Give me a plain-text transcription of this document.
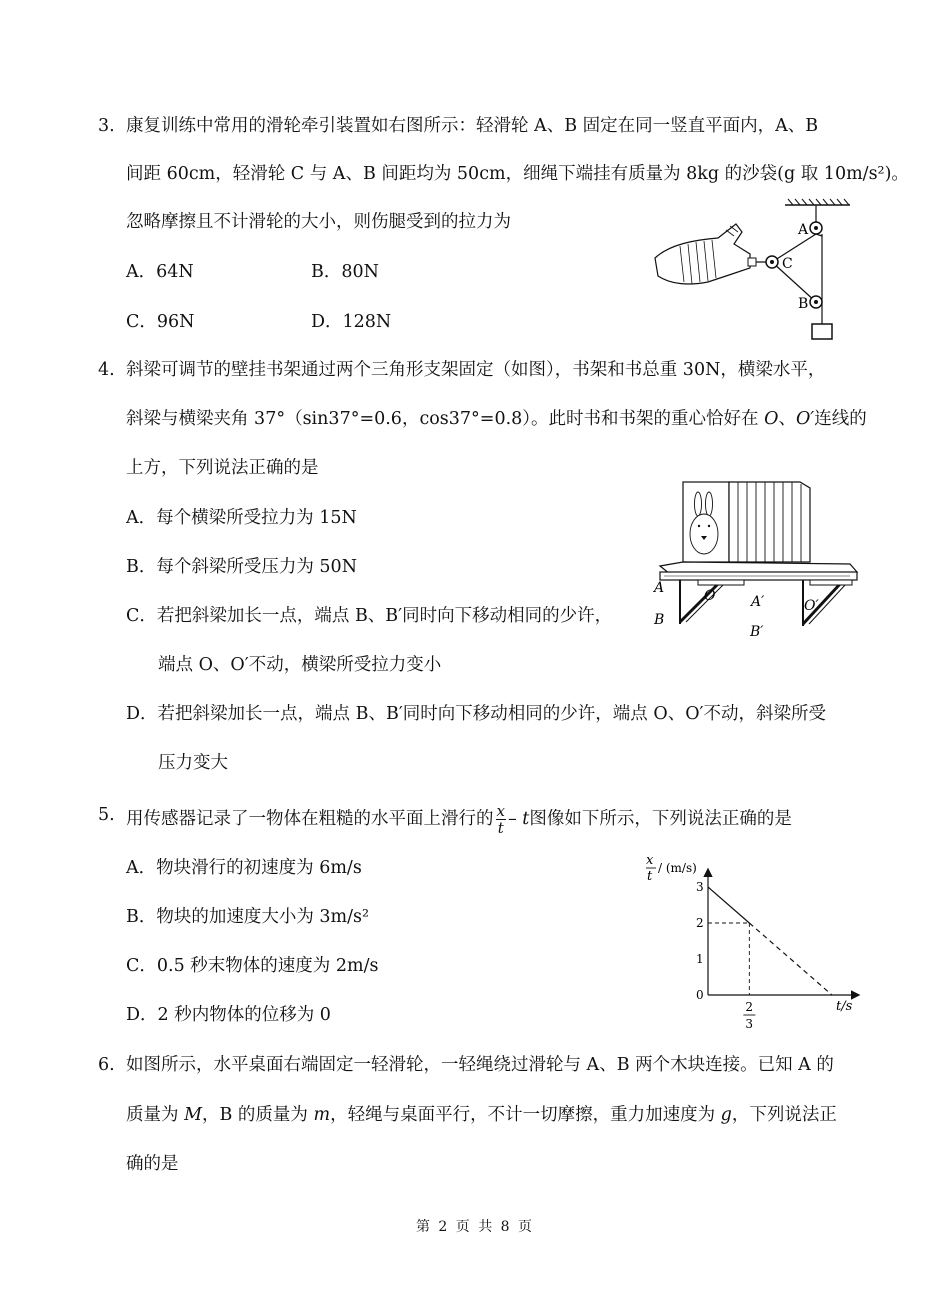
3. 康复训练中常用的滑轮牵引装置如右图所示：轻滑轮 A、B 固定在同一竖直平面内，A、B
间距 60cm，轻滑轮 C 与 A、B 间距均为 50cm，细绳下端挂有质量为 8kg 的沙袋(g 取 10m/s²)。
忽略摩擦且不计滑轮的大小，则伤腿受到的拉力为
A．64N	B．80N
C．96N	D．128N
A
C
B
4. 斜梁可调节的壁挂书架通过两个三角形支架固定（如图），书架和书总重 30N，横梁水平，
斜梁与横梁夹角 37°（sin37°=0.6，cos37°=0.8）。此时书和书架的重心恰好在 O、O′连线的
上方，下列说法正确的是
A．每个横梁所受拉力为 15N
B．每个斜梁所受压力为 50N
C．若把斜梁加长一点，端点 B、B′同时向下移动相同的少许，
端点 O、O′不动，横梁所受拉力变小
D．若把斜梁加长一点，端点 B、B′同时向下移动相同的少许，端点 O、O′不动，斜梁所受
压力变大
A	O
B
A′	O′
B′
5. 用传感器记录了一物体在粗糙的水平面上滑行的 $\frac{x}{t}$ – t图像如下所示，下列说法正确的是
A．物块滑行的初速度为 6m/s
B．物块的加速度大小为 3m/s²
C．0.5 秒末物体的速度为 2m/s
D．2 秒内物体的位移为 0
x
t
/ (m/s)
t/s
0
1
2
3
2
3
6. 如图所示，水平桌面右端固定一轻滑轮，一轻绳绕过滑轮与 A、B 两个木块连接。已知 A 的
质量为 M，B 的质量为 m，轻绳与桌面平行，不计一切摩擦，重力加速度为 g，下列说法正
确的是
第 2 页 共 8 页
